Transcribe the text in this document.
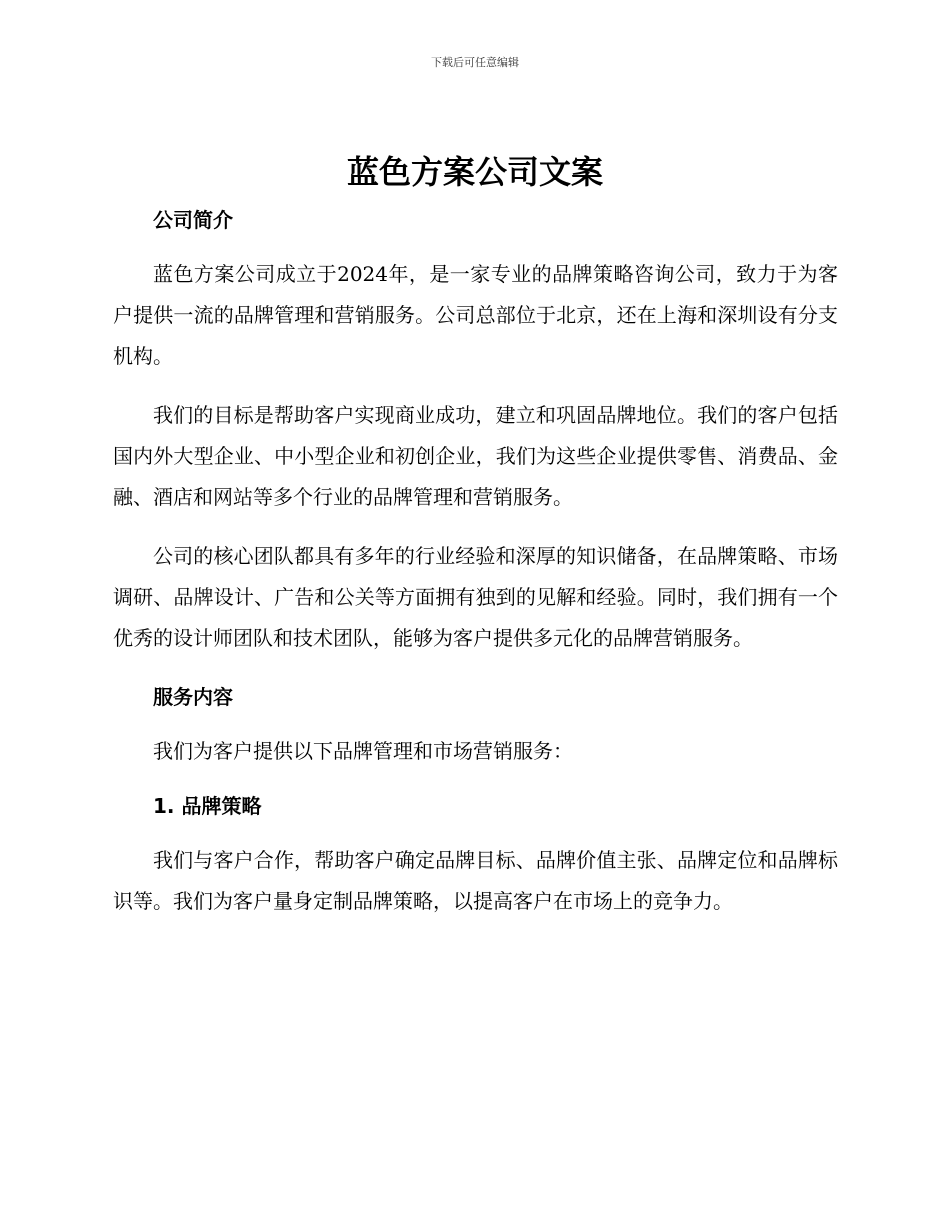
下载后可任意编辑
蓝色方案公司文案
公司简介

蓝色方案公司成立于2024年，是一家专业的品牌策略咨询公司，致力于为客户提供一流的品牌管理和营销服务。公司总部位于北京，还在上海和深圳设有分支机构。

我们的目标是帮助客户实现商业成功，建立和巩固品牌地位。我们的客户包括国内外大型企业、中小型企业和初创企业，我们为这些企业提供零售、消费品、金融、酒店和网站等多个行业的品牌管理和营销服务。

公司的核心团队都具有多年的行业经验和深厚的知识储备，在品牌策略、市场调研、品牌设计、广告和公关等方面拥有独到的见解和经验。同时，我们拥有一个优秀的设计师团队和技术团队，能够为客户提供多元化的品牌营销服务。

服务内容

我们为客户提供以下品牌管理和市场营销服务：

1. 品牌策略

我们与客户合作，帮助客户确定品牌目标、品牌价值主张、品牌定位和品牌标识等。我们为客户量身定制品牌策略，以提高客户在市场上的竞争力。
